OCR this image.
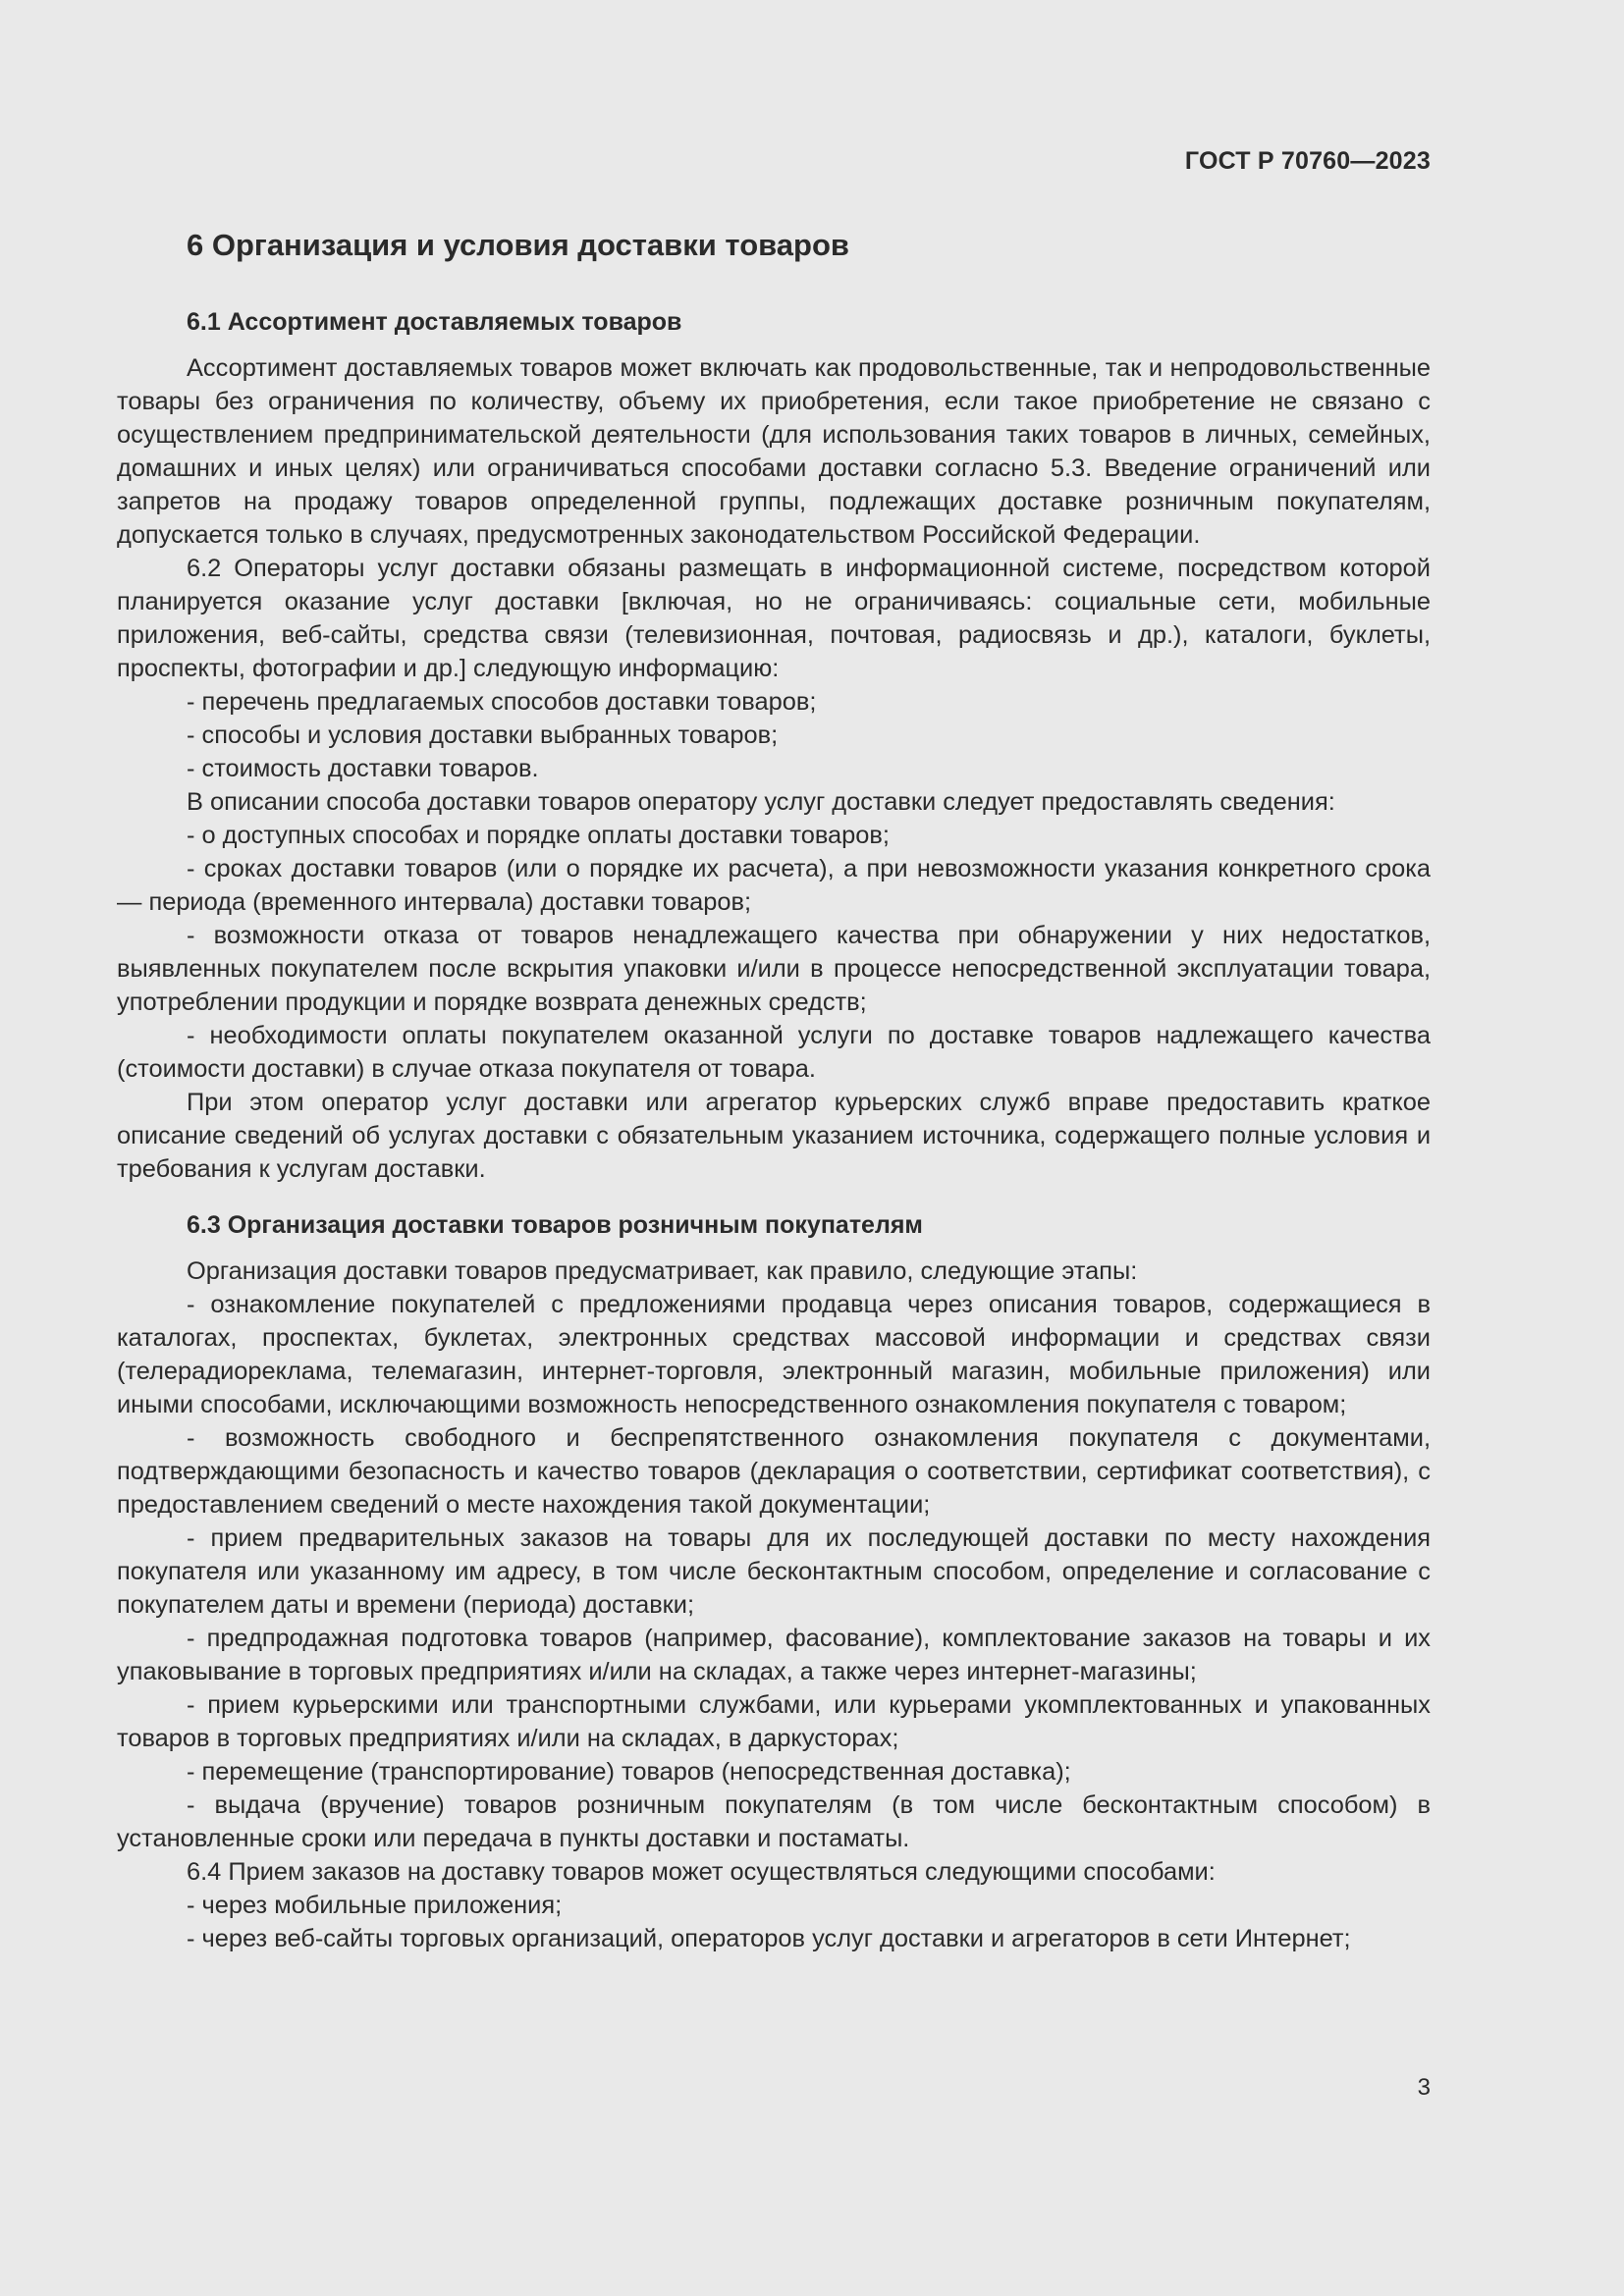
ГОСТ Р 70760—2023

6 Организация и условия доставки товаров
6.1 Ассортимент доставляемых товаров

Ассортимент доставляемых товаров может включать как продовольственные, так и непродовольственные товары без ограничения по количеству, объему их приобретения, если такое приобретение не связано с осуществлением предпринимательской деятельности (для использования таких товаров в личных, семейных, домашних и иных целях) или ограничиваться способами доставки согласно 5.3. Введение ограничений или запретов на продажу товаров определенной группы, подлежащих доставке розничным покупателям, допускается только в случаях, предусмотренных законодательством Российской Федерации.

6.2 Операторы услуг доставки обязаны размещать в информационной системе, посредством которой планируется оказание услуг доставки [включая, но не ограничиваясь: социальные сети, мобильные приложения, веб-сайты, средства связи (телевизионная, почтовая, радиосвязь и др.), каталоги, буклеты, проспекты, фотографии и др.] следующую информацию:

- перечень предлагаемых способов доставки товаров;

- способы и условия доставки выбранных товаров;

- стоимость доставки товаров.

В описании способа доставки товаров оператору услуг доставки следует предоставлять сведения:

- о доступных способах и порядке оплаты доставки товаров;

- сроках доставки товаров (или о порядке их расчета), а при невозможности указания конкретного срока — периода (временного интервала) доставки товаров;

- возможности отказа от товаров ненадлежащего качества при обнаружении у них недостатков, выявленных покупателем после вскрытия упаковки и/или в процессе непосредственной эксплуатации товара, употреблении продукции и порядке возврата денежных средств;

- необходимости оплаты покупателем оказанной услуги по доставке товаров надлежащего качества (стоимости доставки) в случае отказа покупателя от товара.

При этом оператор услуг доставки или агрегатор курьерских служб вправе предоставить краткое описание сведений об услугах доставки с обязательным указанием источника, содержащего полные условия и требования к услугам доставки.

6.3 Организация доставки товаров розничным покупателям

Организация доставки товаров предусматривает, как правило, следующие этапы:

- ознакомление покупателей с предложениями продавца через описания товаров, содержащиеся в каталогах, проспектах, буклетах, электронных средствах массовой информации и средствах связи (телерадиореклама, телемагазин, интернет-торговля, электронный магазин, мобильные приложения) или иными способами, исключающими возможность непосредственного ознакомления покупателя с товаром;

- возможность свободного и беспрепятственного ознакомления покупателя с документами, подтверждающими безопасность и качество товаров (декларация о соответствии, сертификат соответствия), с предоставлением сведений о месте нахождения такой документации;

- прием предварительных заказов на товары для их последующей доставки по месту нахождения покупателя или указанному им адресу, в том числе бесконтактным способом, определение и согласование с покупателем даты и времени (периода) доставки;

- предпродажная подготовка товаров (например, фасование), комплектование заказов на товары и их упаковывание в торговых предприятиях и/или на складах, а также через интернет-магазины;

- прием курьерскими или транспортными службами, или курьерами укомплектованных и упакованных товаров в торговых предприятиях и/или на складах, в даркусторах;

- перемещение (транспортирование) товаров (непосредственная доставка);

- выдача (вручение) товаров розничным покупателям (в том числе бесконтактным способом) в установленные сроки или передача в пункты доставки и постаматы.

6.4 Прием заказов на доставку товаров может осуществляться следующими способами:

- через мобильные приложения;

- через веб-сайты торговых организаций, операторов услуг доставки и агрегаторов в сети Интернет;

3
